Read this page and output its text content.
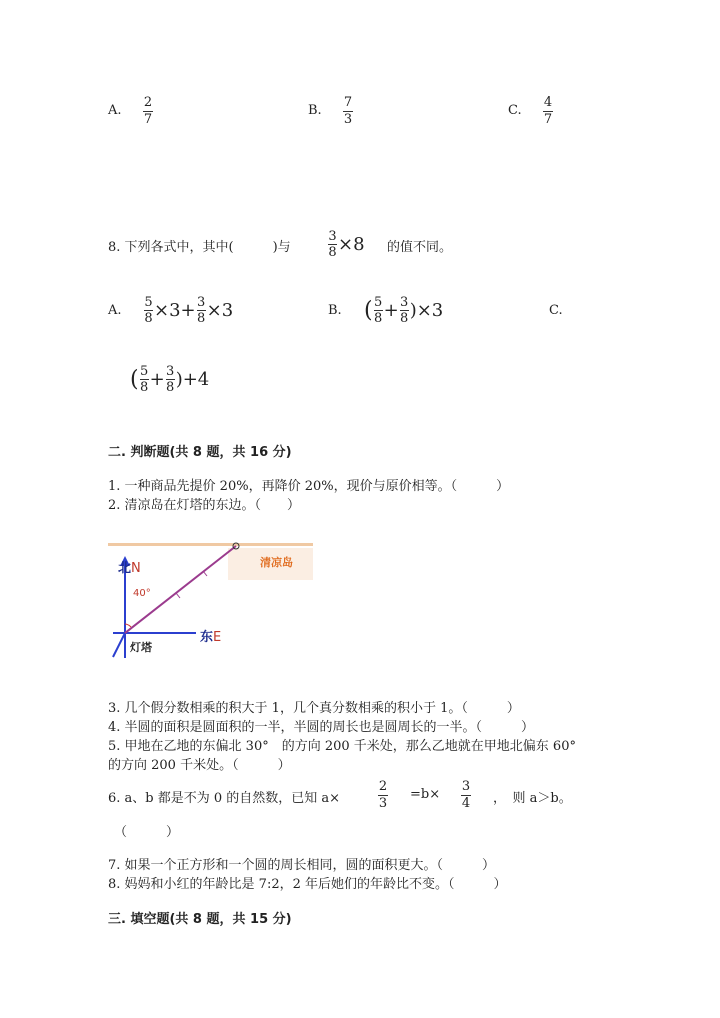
A.
2
7
B.
7
3
C.
4
7
8. 下列各式中，其中(　　　)与
3
8 ×8 的值不同。
A.
5
8 ×3+ 3
8 ×3	B. ( 5
8 + 3
8 )×3	C.
( 5
8 + 3
8 )+4
二. 判断题(共 8 题，共 16 分)
1. 一种商品先提价 20%，再降价 20%，现价与原价相等。（　　　）
2. 清凉岛在灯塔的东边。（　　）
北N
40°
清凉岛
东E
灯塔
3. 几个假分数相乘的积大于 1，几个真分数相乘的积小于 1。（　　　）
4. 半圆的面积是圆面积的一半，半圆的周长也是圆周长的一半。（　　　）
5. 甲地在乙地的东偏北 30°　的方向 200 千米处，那么乙地就在甲地北偏东 60°
的方向 200 千米处。（　　　）
6. a、b 都是不为 0 的自然数，已知 a×
2
3
=b×
3
4 ，　则 a＞b。
（　　　）
7. 如果一个正方形和一个圆的周长相同，圆的面积更大。（　　　）
8. 妈妈和小红的年龄比是 7:2，2 年后她们的年龄比不变。（　　　）
三. 填空题(共 8 题，共 15 分)
